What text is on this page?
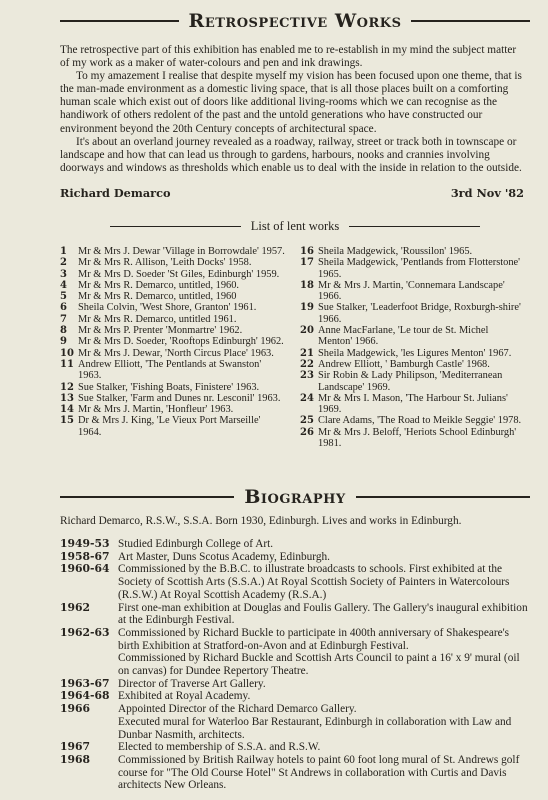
Retrospective Works

The retrospective part of this exhibition has enabled me to re-establish in my mind the subject matter of my work as a maker of water-colours and pen and ink drawings.

To my amazement I realise that despite myself my vision has been focused upon one theme, that is the man-made environment as a domestic living space, that is all those places built on a comforting human scale which exist out of doors like additional living-rooms which we can recognise as the handiwork of others redolent of the past and the untold generations who have constructed our environment beyond the 20th Century concepts of architectural space.

It's about an overland journey revealed as a roadway, railway, street or track both in townscape or landscape and how that can lead us through to gardens, harbours, nooks and crannies involving doorways and windows as thresholds which enable us to deal with the inside in relation to the outside.

Richard Demarco	3rd Nov '82
List of lent works
1	Mr & Mrs J. Dewar 'Village in Borrowdale' 1957.
2	Mr & Mrs R. Allison, 'Leith Docks' 1958.
3	Mr & Mrs D. Soeder 'St Giles, Edinburgh' 1959.
4	Mr & Mrs R. Demarco, untitled, 1960.
5	Mr & Mrs R. Demarco, untitled, 1960
6	Sheila Colvin, 'West Shore, Granton' 1961.
7	Mr & Mrs R. Demarco, untitled 1961.
8	Mr & Mrs P. Prenter 'Monmartre' 1962.
9	Mr & Mrs D. Soeder, 'Rooftops Edinburgh' 1962.
10 Mr & Mrs J. Dewar, 'North Circus Place' 1963.
11 Andrew Elliott, 'The Pentlands at Swanston' 1963.
12 Sue Stalker, 'Fishing Boats, Finistere' 1963.
13 Sue Stalker, 'Farm and Dunes nr. Lesconil' 1963.
14 Mr & Mrs J. Martin, 'Honfleur' 1963.
15 Dr & Mrs J. King, 'Le Vieux Port Marseille' 1964.
16 Sheila Madgewick, 'Roussilon' 1965.
17 Sheila Madgewick, 'Pentlands from Flotterstone' 1965.
18 Mr & Mrs J. Martin, 'Connemara Landscape' 1966.
19 Sue Stalker, 'Leaderfoot Bridge, Roxburgh-shire' 1966.
20 Anne MacFarlane, 'Le tour de St. Michel Menton' 1966.
21 Sheila Madgewick, 'les Ligures Menton' 1967.
22 Andrew Elliott, ' Bamburgh Castle' 1968.
23 Sir Robin & Lady Philipson, 'Mediterranean Landscape' 1969.
24 Mr & Mrs I. Mason, 'The Harbour St. Julians' 1969.
25 Clare Adams, 'The Road to Meikle Seggie' 1978.
26 Mr & Mrs J. Beloff, 'Heriots School Edinburgh' 1981.
Biography
Richard Demarco, R.S.W., S.S.A. Born 1930, Edinburgh. Lives and works in Edinburgh.
1949-53 Studied Edinburgh College of Art.
1958-67 Art Master, Duns Scotus Academy, Edinburgh.
1960-64 Commissioned by the B.B.C. to illustrate broadcasts to schools. First exhibited at the Society of Scottish Arts (S.S.A.) At Royal Scottish Society of Painters in Watercolours (R.S.W.) At Royal Scottish Academy (R.S.A.)
1962	First one-man exhibition at Douglas and Foulis Gallery. The Gallery's inaugural exhibition at the Edinburgh Festival.
1962-63 Commissioned by Richard Buckle to participate in 400th anniversary of Shakespeare's birth Exhibition at Stratford-on-Avon and at Edinburgh Festival.
Commissioned by Richard Buckle and Scottish Arts Council to paint a 16' x 9' mural (oil on canvas) for Dundee Repertory Theatre.
1963-67 Director of Traverse Art Gallery.
1964-68 Exhibited at Royal Academy.
1966	Appointed Director of the Richard Demarco Gallery.
Executed mural for Waterloo Bar Restaurant, Edinburgh in collaboration with Law and Dunbar Nasmith, architects.
1967	Elected to membership of S.S.A. and R.S.W.
1968	Commissioned by British Railway hotels to paint 60 foot long mural of St. Andrews golf course for "The Old Course Hotel" St Andrews in collaboration with Curtis and Davis architects New Orleans.
